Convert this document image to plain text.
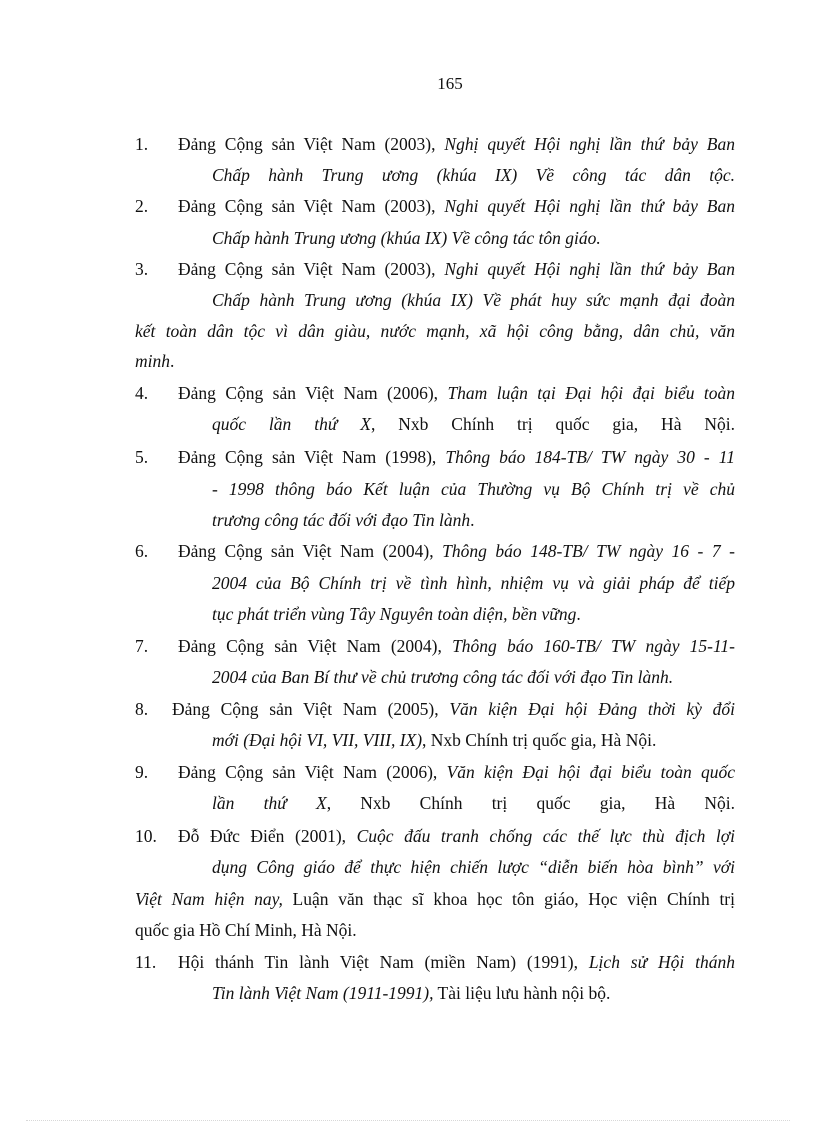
165
1. Đảng Cộng sản Việt Nam (2003), Nghị quyết Hội nghị lần thứ bảy Ban
Chấp hành Trung ương (khúa IX) Về công tác dân tộc.
2. Đảng Cộng sản Việt Nam (2003), Nghi quyết Hội nghị lần thứ bảy Ban
Chấp hành Trung ương (khúa IX) Về công tác tôn giáo.
3. Đảng Cộng sản Việt Nam (2003), Nghi quyết Hội nghị lần thứ bảy Ban
Chấp hành Trung ương (khúa IX) Về phát huy sức mạnh đại đoàn
kết toàn dân tộc vì dân giàu, nước mạnh, xã hội công bằng, dân chủ, văn
minh.
4. Đảng Cộng sản Việt Nam (2006), Tham luận tại Đại hội đại biểu toàn
quốc lần thứ X, Nxb Chính trị quốc gia, Hà Nội.
5. Đảng Cộng sản Việt Nam (1998), Thông báo 184-TB/ TW ngày 30 - 11
- 1998 thông báo Kết luận của Thường vụ Bộ Chính trị về chủ
trương công tác đối với đạo Tin lành.
6. Đảng Cộng sản Việt Nam (2004), Thông báo 148-TB/ TW ngày 16 - 7 -
2004 của Bộ Chính trị về tình hình, nhiệm vụ và giải pháp để tiếp
tục phát triển vùng Tây Nguyên toàn diện, bền vững.
7. Đảng Cộng sản Việt Nam (2004), Thông báo 160-TB/ TW ngày 15-11-
2004 của Ban Bí thư về chủ trương công tác đối với đạo Tin lành.
8. Đảng Cộng sản Việt Nam (2005), Văn kiện Đại hội Đảng thời kỳ đổi
mới (Đại hội VI, VII, VIII, IX), Nxb Chính trị quốc gia, Hà Nội.
9. Đảng Cộng sản Việt Nam (2006), Văn kiện Đại hội đại biểu toàn quốc
lần thứ X, Nxb Chính trị quốc gia, Hà Nội.
10. Đỗ Đức Điển (2001), Cuộc đấu tranh chống các thế lực thù địch lợi
dụng Công giáo để thực hiện chiến lược “diễn biến hòa bình” với
Việt Nam hiện nay, Luận văn thạc sĩ khoa học tôn giáo, Học viện Chính trị
quốc gia Hồ Chí Minh, Hà Nội.
11. Hội thánh Tin lành Việt Nam (miền Nam) (1991), Lịch sử Hội thánh
Tin lành Việt Nam (1911-1991), Tài liệu lưu hành nội bộ.
